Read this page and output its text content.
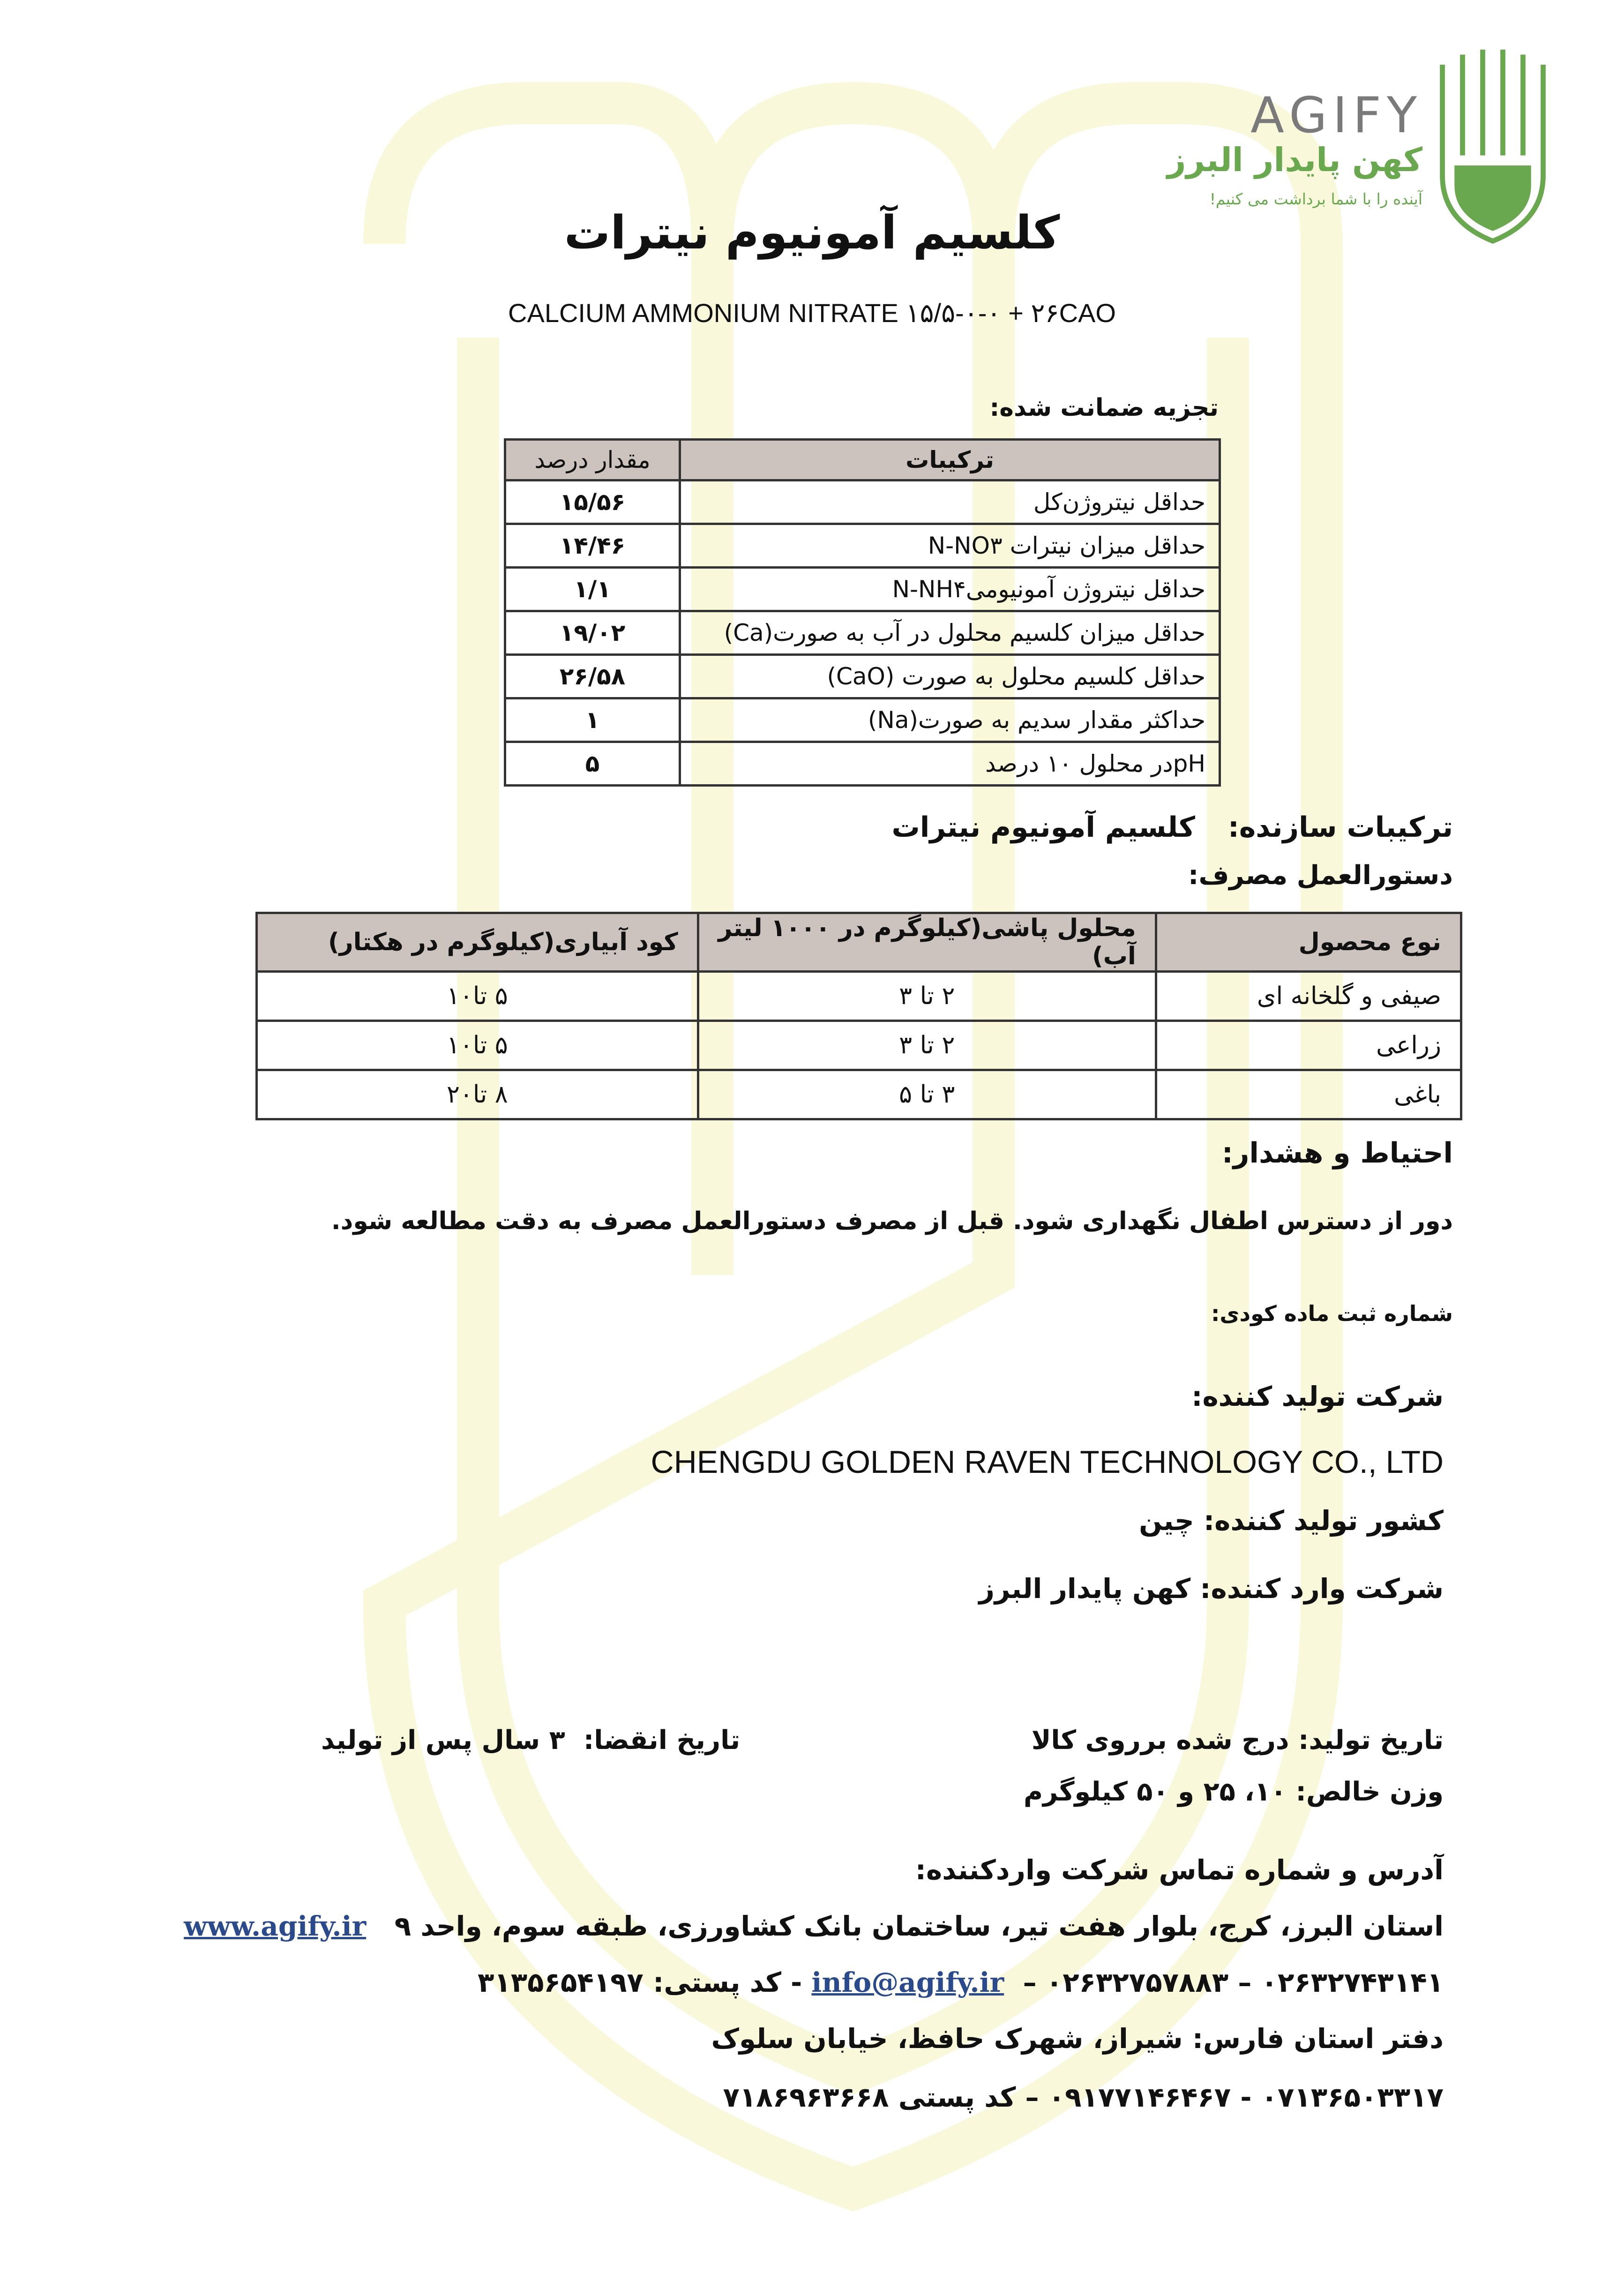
AGIFY
کهن پایدار البرز
آینده را با شما برداشت می کنیم!
کلسیم آمونیوم نیترات
CALCIUM AMMONIUM NITRATE ۱۵/۵-۰-۰ + ۲۶CAO
تجزیه ضمانت شده:
ترکیبات	مقدار درصد
حداقل نیتروژن‌کل	۱۵/۵۶
حداقل میزان نیترات N-NO۳	۱۴/۴۶
حداقل نیتروژن آمونیومیN-NH۴	۱/۱
حداقل میزان کلسیم محلول در آب به صورت(Ca)	۱۹/۰۲
حداقل کلسیم محلول به صورت (CaO)	۲۶/۵۸
حداکثر مقدار سدیم به صورت(Na)	۱
pHدر محلول ۱۰ درصد	۵
ترکیبات سازنده:کلسیم آمونیوم نیترات
دستورالعمل مصرف:
نوع محصول	محلول پاشی(کیلوگرم در ۱۰۰۰ لیتر آب)	کود آبیاری(کیلوگرم در هکتار)
صیفی و گلخانه ای	۲ تا ۳	۵ تا۱۰
زراعی	۲ تا ۳	۵ تا۱۰
باغی	۳ تا ۵	۸ تا۲۰
احتیاط و هشدار:
دور از دسترس اطفال نگهداری شود. قبل از مصرف دستورالعمل مصرف به دقت مطالعه شود.
شماره ثبت ماده کودی:
شرکت تولید کننده:
CHENGDU GOLDEN RAVEN TECHNOLOGY CO., LTD
کشور تولید کننده: چین
شرکت وارد کننده: کهن پایدار البرز
تاریخ تولید: درج شده برروی کالا
تاریخ انقضا:  ۳ سال پس از تولید
وزن خالص: ۱۰، ۲۵ و ۵۰ کیلوگرم
آدرس و شماره تماس شرکت واردکننده:
استان البرز، کرج، بلوار هفت تیر، ساختمان بانک کشاورزی، طبقه سوم، واحد ۹   www.agify.ir
۰۲۶۳۲۷۴۳۱۴۱ – ۰۲۶۳۲۷۵۷۸۸۳ –  info@agify.ir - کد پستی: ۳۱۳۵۶۵۴۱۹۷
دفتر استان فارس: شیراز، شهرک حافظ، خیابان سلوک
۰۷۱۳۶۵۰۳۳۱۷ - ۰۹۱۷۷۱۴۶۴۶۷ – کد پستی ۷۱۸۶۹۶۳۶۶۸
